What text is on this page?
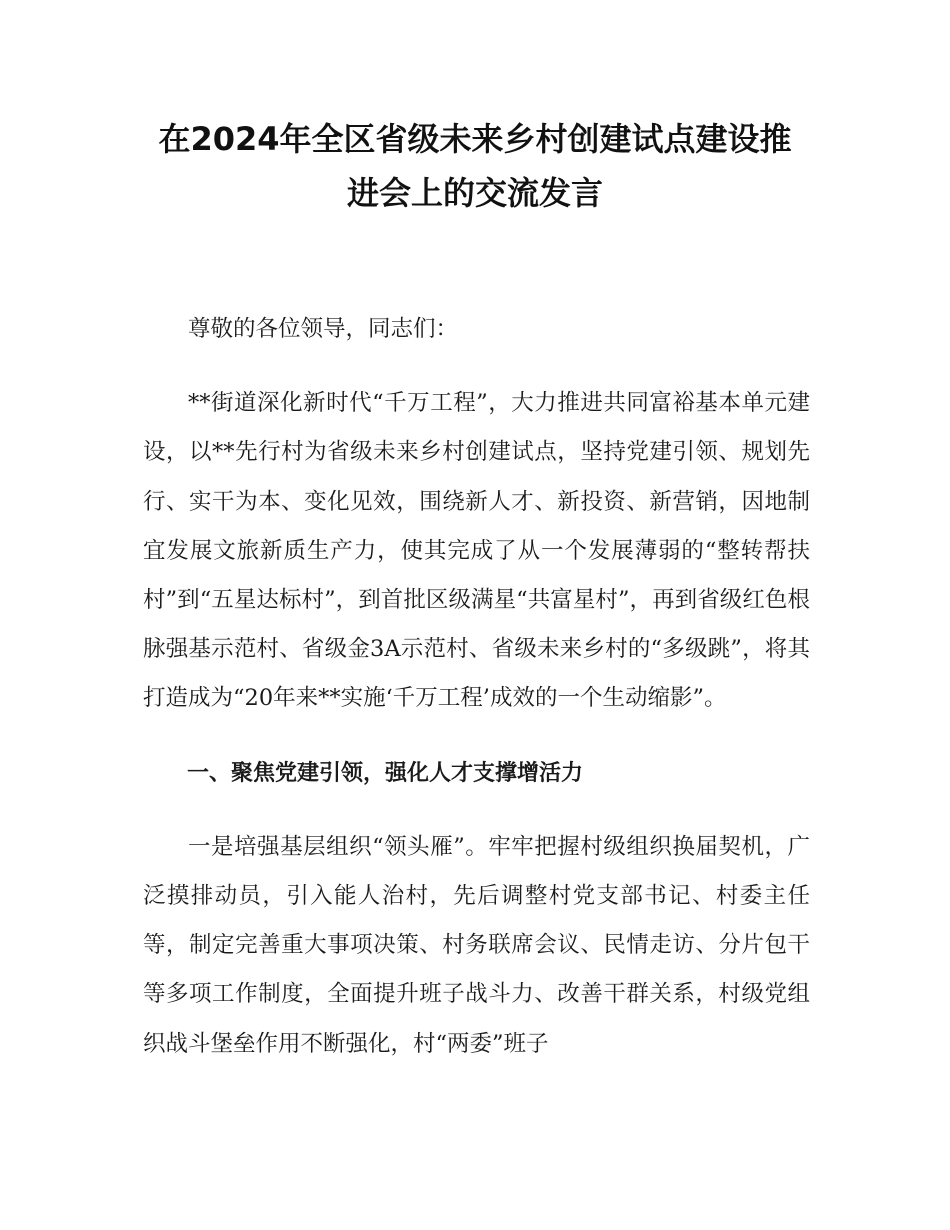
在2024年全区省级未来乡村创建试点建设推
进会上的交流发言

尊敬的各位领导，同志们：

**街道深化新时代“千万工程”，大力推进共同富裕基本单元建设，以**先行村为省级未来乡村创建试点，坚持党建引领、规划先行、实干为本、变化见效，围绕新人才、新投资、新营销，因地制宜发展文旅新质生产力，使其完成了从一个发展薄弱的“整转帮扶村”到“五星达标村”，到首批区级满星“共富星村”，再到省级红色根脉强基示范村、省级金3A示范村、省级未来乡村的“多级跳”，将其打造成为“20年来**实施‘千万工程’成效的一个生动缩影”。

一、聚焦党建引领，强化人才支撑增活力

一是培强基层组织“领头雁”。牢牢把握村级组织换届契机，广泛摸排动员，引入能人治村，先后调整村党支部书记、村委主任等，制定完善重大事项决策、村务联席会议、民情走访、分片包干等多项工作制度，全面提升班子战斗力、改善干群关系，村级党组织战斗堡垒作用不断强化，村“两委”班子
